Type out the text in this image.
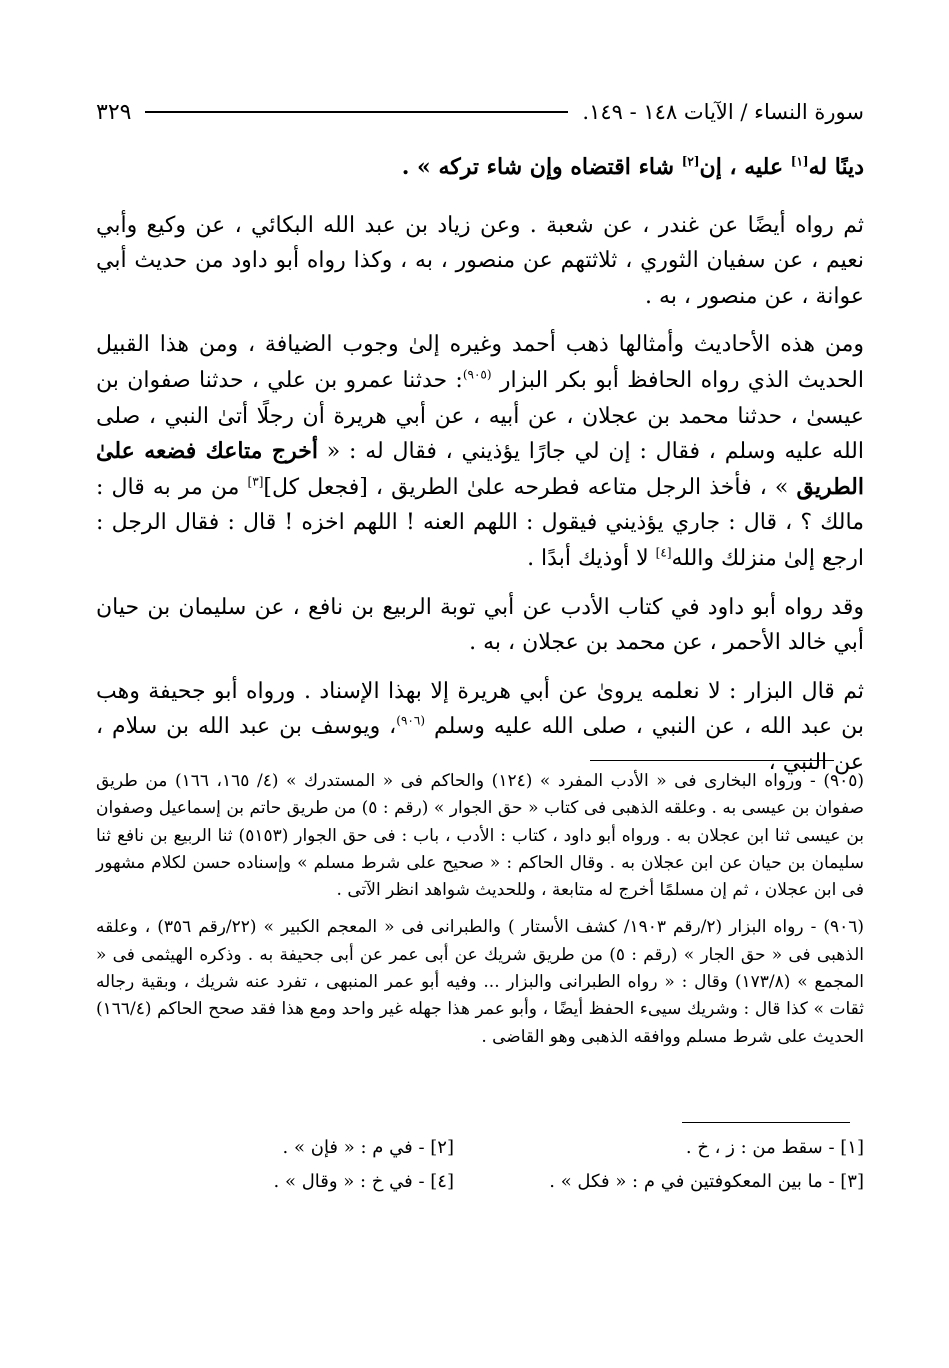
سورة النساء / الآيات ١٤٨ - ١٤٩.
٣٢٩

دينًا له[١] عليه ، إن[٢] شاء اقتضاه وإن شاء تركه » .

ثم رواه أيضًا عن غندر ، عن شعبة . وعن زياد بن عبد الله البكائي ، عن وكيع وأبي نعيم ، عن سفيان الثوري ، ثلاثتهم عن منصور ، به ، وكذا رواه أبو داود من حديث أبي عوانة ، عن منصور ، به .

ومن هذه الأحاديث وأمثالها ذهب أحمد وغيره إلىٰ وجوب الضيافة ، ومن هذا القبيل الحديث الذي رواه الحافظ أبو بكر البزار $^{(٩٠٥)}$: حدثنا عمرو بن علي ، حدثنا صفوان بن عيسىٰ ، حدثنا محمد بن عجلان ، عن أبيه ، عن أبي هريرة أن رجلًا أتىٰ النبي ، صلى الله عليه وسلم ، فقال : إن لي جارًا يؤذيني ، فقال له : « أخرج متاعك فضعه علىٰ الطريق » ، فأخذ الرجل متاعه فطرحه علىٰ الطريق ، [فجعل كل][٣] من مر به قال : مالك ؟ ، قال : جاري يؤذيني فيقول : اللهم العنه ! اللهم اخزه ! قال : فقال الرجل : ارجع إلىٰ منزلك والله[٤] لا أوذيك أبدًا .

وقد رواه أبو داود في كتاب الأدب عن أبي توبة الربيع بن نافع ، عن سليمان بن حيان أبي خالد الأحمر ، عن محمد بن عجلان ، به .

ثم قال البزار : لا نعلمه يروىٰ عن أبي هريرة إلا بهذا الإسناد . ورواه أبو جحيفة وهب بن عبد الله ، عن النبي ، صلى الله عليه وسلم $^{(٩٠٦)}$، ويوسف بن عبد الله بن سلام ، عن النبي ،

(٩٠٥) - ورواه البخارى فى « الأدب المفرد » (١٢٤) والحاكم فى « المستدرك » (٤/ ١٦٥، ١٦٦) من طريق صفوان بن عيسى به . وعلقه الذهبى فى كتاب « حق الجوار » (رقم : ٥) من طريق حاتم بن إسماعيل وصفوان بن عيسى ثنا ابن عجلان به . ورواه أبو داود ، كتاب : الأدب ، باب : فى حق الجوار (٥١٥٣) ثنا الربيع بن نافع ثنا سليمان بن حيان عن ابن عجلان به . وقال الحاكم : « صحيح على شرط مسلم » وإسناده حسن لكلام مشهور فى ابن عجلان ، ثم إن مسلمًا أخرج له متابعة ، وللحديث شواهد انظر الآتى .

(٩٠٦) - رواه البزار (٢/رقم ١٩٠٣/ كشف الأستار ) والطبرانى فى « المعجم الكبير » (٢٢/رقم ٣٥٦) ، وعلقه الذهبى فى « حق الجار » (رقم : ٥) من طريق شريك عن أبى عمر عن أبى جحيفة به . وذكره الهيثمى فى « المجمع » (١٧٣/٨) وقال : « رواه الطبرانى والبزار ... وفيه أبو عمر المنبهى ، تفرد عنه شريك ، وبقية رجاله ثقات » كذا قال : وشريك سيىء الحفظ أيضًا ، وأبو عمر هذا جهله غير واحد ومع هذا فقد صحح الحاكم (١٦٦/٤) الحديث على شرط مسلم ووافقه الذهبى وهو القاضى .

[١] - سقط من : ز ، خ .
[٢] - في م : « فإن » .
[٣] - ما بين المعكوفتين في م : « فكل » .
[٤] - في خ : « وقال » .
